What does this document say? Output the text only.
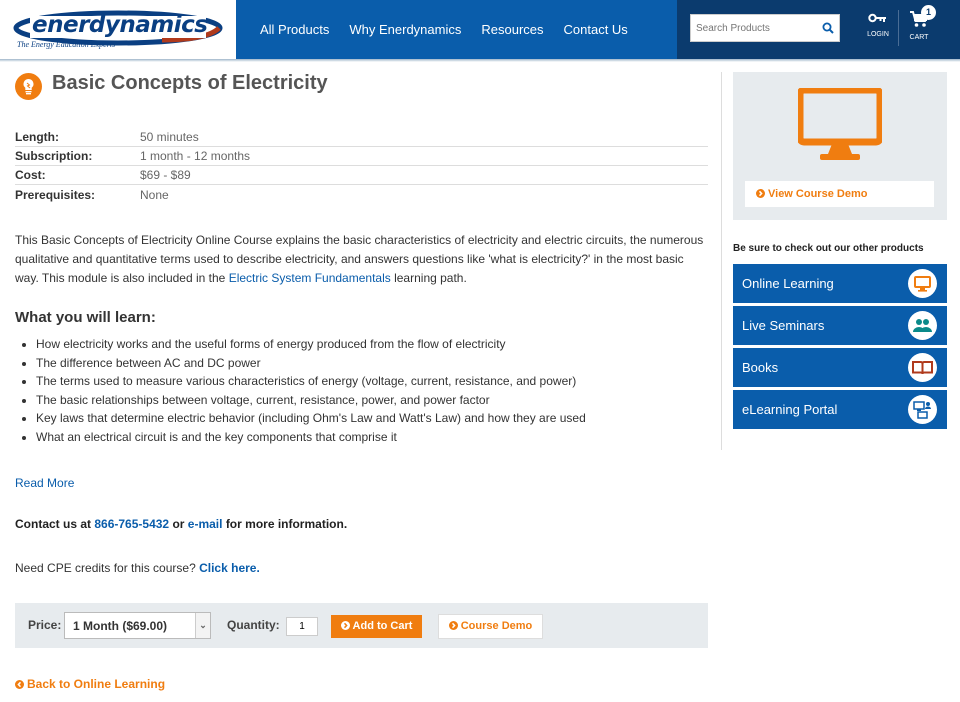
enerdynamics
The Energy Education Experts
All Products Why Enerdynamics Resources Contact Us
Search Products	LOGIN	CART
1
Basic Concepts of Electricity
Length:	50 minutes
Subscription:	1 month - 12 months
Cost:	$69 - $89
Prerequisites:	None

This Basic Concepts of Electricity Online Course explains the basic characteristics of electricity and electric circuits, the numerous qualitative and quantitative terms used to describe electricity, and answers questions like 'what is electricity?' in the most basic way. This module is also included in the Electric System Fundamentals learning path.

What you will learn:
• How electricity works and the useful forms of energy produced from the flow of electricity
• The difference between AC and DC power
• The terms used to measure various characteristics of energy (voltage, current, resistance, and power)
• The basic relationships between voltage, current, resistance, power, and power factor
• Key laws that determine electric behavior (including Ohm's Law and Watt's Law) and how they are used
• What an electrical circuit is and the key components that comprise it
Read More
Contact us at 866-765-5432 or e-mail for more information.
Need CPE credits for this course? Click here.
Price: 1 Month ($69.00)	⌄ Quantity:
1	Add to Cart	Course Demo
Back to Online Learning
View Course Demo
Be sure to check out our other products
Online Learning
Live Seminars
Books
eLearning Portal
